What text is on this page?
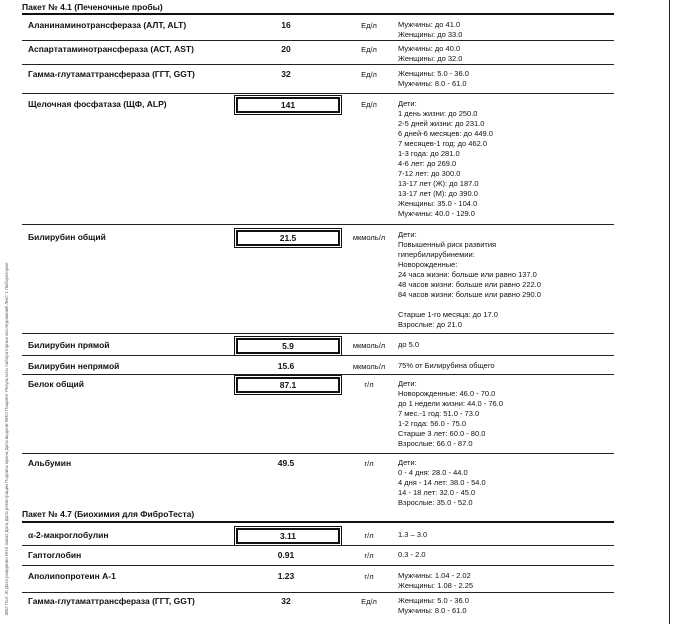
ЭВИ Пол: Ж Дата рождения ИНЗ Заказ Дата Дата регистрации Подпись врача Дата выдачи ФИО Пациент Результаты лабораторных исследований Лист 1 Лаборатория
Пакет № 4.1 (Печеночные пробы)
Аланинаминотрансфераза (АЛТ, ALT)	16	Ед/л	Мужчины: до 41.0
Женщины: до 33.0
Аспартатаминотрансфераза (АСТ, AST)	20	Ед/л	Мужчины: до 40.0
Женщины: до 32.0
Гамма-глутаматтрансфераза (ГГТ, GGT)	32	Ед/л	Женщины: 5.0 - 36.0
Мужчины: 8.0 - 61.0
Щелочная фосфатаза (ЩФ, ALP)	141	Ед/л	Дети:
1 день жизни: до 250.0
2-5 дней жизни: до 231.0
6 дней-6 месяцев: до 449.0
7 месяцев-1 год: до 462.0
1-3 года: до 281.0
4-6 лет: до 269.0
7-12 лет: до 300.0
13-17 лет (Ж): до 187.0
13-17 лет (М): до 390.0
Женщины: 35.0 - 104.0
Мужчины: 40.0 - 129.0
Билирубин общий	21.5	мкмоль/л	Дети:
Повышенный риск развития
гипербилирубинемии:
Новорожденные:
24 часа жизни: больше или равно 137.0
48 часов жизни: больше или равно 222.0
84 часов жизни: больше или равно 290.0
Старше 1-го месяца: до 17.0
Взрослые: до 21.0
Билирубин прямой	5.9	мкмоль/л	до 5.0
Билирубин непрямой	15.6	мкмоль/л	75% от Билирубина общего
Белок общий	87.1	г/л	Дети:
Новорожденные: 46.0 - 70.0
до 1 недели жизни: 44.0 - 76.0
7 мес.-1 год: 51.0 - 73.0
1-2 года: 56.0 - 75.0
Старше 3 лет: 60.0 - 80.0
Взрослые: 66.0 - 87.0
Альбумин	49.5	г/л	Дети:
0 - 4 дня: 28.0 - 44.0
4 дня - 14 лет: 38.0 - 54.0
14 - 18 лет: 32.0 - 45.0
Взрослые: 35.0 - 52.0
Пакет № 4.7 (Биохимия для ФиброТеста)
α-2-макроглобулин	3.11	г/л	1.3 – 3.0
Гаптоглобин	0.91	г/л	0.3 - 2.0
Аполипопротеин А-1	1.23	г/л	Мужчины: 1.04 - 2.02
Женщины: 1.08 - 2.25
Гамма-глутаматтрансфераза (ГГТ, GGT)	32	Ед/л	Женщины: 5.0 - 36.0
Мужчины: 8.0 - 61.0
